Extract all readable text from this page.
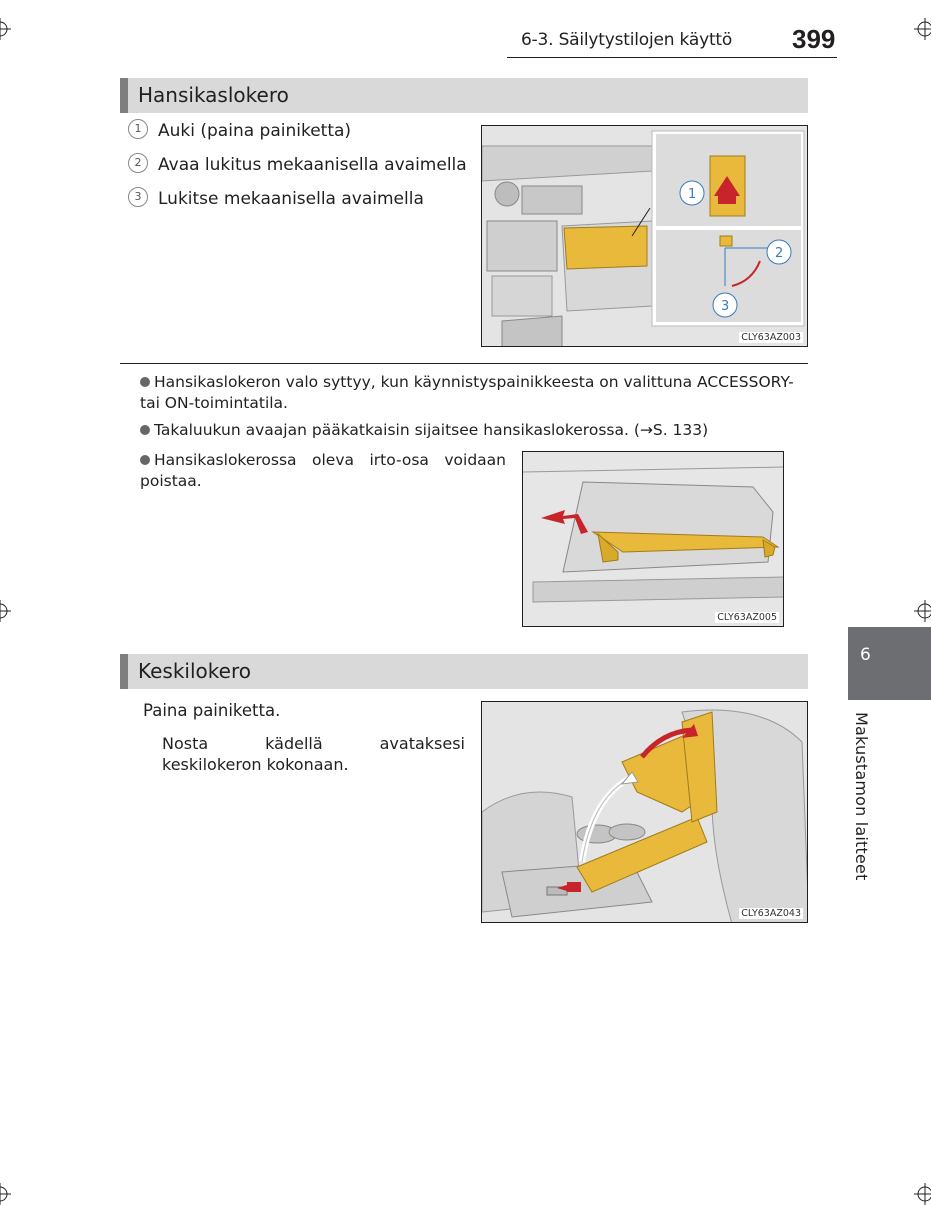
6-3. Säilytystilojen käyttö 399
6
Makustamon laitteet
Hansikaslokero
1 Auki (paina painiketta)
2 Avaa lukitus mekaanisella avaimella
3 Lukitse mekaanisella avaimella	1
2
3
CLY63AZ003
Hansikaslokeron valo syttyy, kun käynnistyspainikkeesta on valittuna ACCESSORY- tai ON-toimintatila.
Takaluukun avaajan pääkatkaisin sijaitsee hansikaslokerossa. (→S. 133)
Hansikaslokerossa oleva irto-osa voidaan poistaa.
CLY63AZ005
Keskilokero
Paina painiketta.
Nosta kädellä avataksesi keskilokeron kokonaan.
CLY63AZ043
